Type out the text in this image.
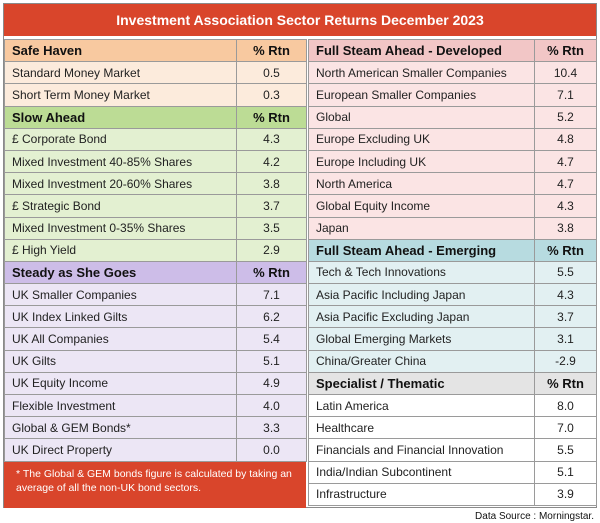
Investment Association Sector Returns December 2023
Safe Haven	% Rtn
Standard Money Market	0.5
Short Term Money Market	0.3
Slow Ahead	% Rtn
£ Corporate Bond	4.3
Mixed Investment 40-85% Shares	4.2
Mixed Investment 20-60% Shares	3.8
£ Strategic Bond	3.7
Mixed Investment 0-35% Shares	3.5
£ High Yield	2.9
Steady as She Goes	% Rtn
UK Smaller Companies	7.1
UK Index Linked Gilts	6.2
UK All Companies	5.4
UK Gilts	5.1
UK Equity Income	4.9
Flexible Investment	4.0
Global & GEM Bonds*	3.3
UK Direct Property	0.0
Full Steam Ahead - Developed	% Rtn
North American Smaller Companies	10.4
European Smaller Companies	7.1
Global	5.2
Europe Excluding UK	4.8
Europe Including UK	4.7
North America	4.7
Global Equity Income	4.3
Japan	3.8
Full Steam Ahead - Emerging	% Rtn
Tech & Tech Innovations	5.5
Asia Pacific Including Japan	4.3
Asia Pacific Excluding Japan	3.7
Global Emerging Markets	3.1
China/Greater China	-2.9
Specialist / Thematic	% Rtn
Latin America	8.0
Healthcare	7.0
Financials and Financial Innovation	5.5
India/Indian Subcontinent	5.1
Infrastructure	3.9
* The Global & GEM bonds figure is calculated by taking an average of all the non-UK bond sectors.
Data Source : Morningstar.
